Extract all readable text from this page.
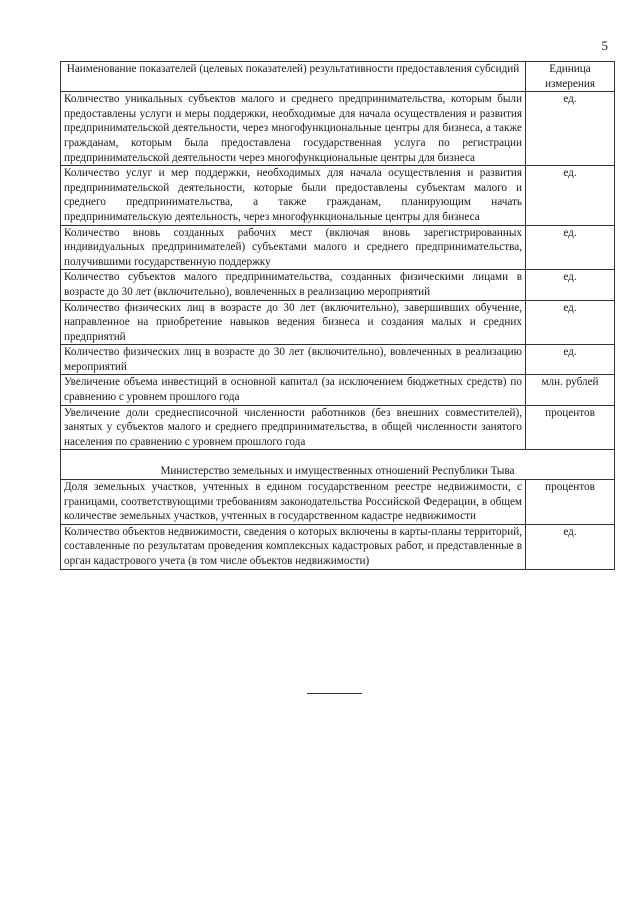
5
Наименование показателей (целевых показателей) результативности предоставления субсидий	Единица измерения
Количество уникальных субъектов малого и среднего предпринимательства, которым были предоставлены услуги и меры поддержки, необходимые для начала осуществления и развития предпринимательской деятельности, через многофункциональные центры для бизнеса, а также гражданам, которым была предоставлена государственная услуга по регистрации предпринимательской деятельности через многофункциональные центры для бизнеса	ед.
Количество услуг и мер поддержки, необходимых для начала осуществления и развития предпринимательской деятельности, которые были предоставлены субъектам малого и среднего предпринимательства, а также гражданам, планирующим начать предпринимательскую деятельность, через многофункциональные центры для бизнеса	ед.
Количество вновь созданных рабочих мест (включая вновь зарегистрированных индивидуальных предпринимателей) субъектами малого и среднего предпринимательства, получившими государственную поддержку	ед.
Количество субъектов малого предпринимательства, созданных физическими лицами в возрасте до 30 лет (включительно), вовлеченных в реализацию мероприятий	ед.
Количество физических лиц в возрасте до 30 лет (включительно), завершивших обучение, направленное на приобретение навыков ведения бизнеса и создания малых и средних предприятий	ед.
Количество физических лиц в возрасте до 30 лет (включительно), вовлеченных в реализацию мероприятий	ед.
Увеличение объема инвестиций в основной капитал (за исключением бюджетных средств) по сравнению с уровнем прошлого года	млн. рублей
Увеличение доли среднесписочной численности работников (без внешних совместителей), занятых у субъектов малого и среднего предпринимательства, в общей численности занятого населения по сравнению с уровнем прошлого года	процентов
Министерство земельных и имущественных отношений Республики Тыва	
Доля земельных участков, учтенных в едином государственном реестре недвижимости, с границами, соответствующими требованиям законодательства Российской Федерации, в общем количестве земельных участков, учтенных в государственном кадастре недвижимости	процентов
Количество объектов недвижимости, сведения о которых включены в карты-планы территорий, составленные по результатам проведения комплексных кадастровых работ, и представленные в орган кадастрового учета (в том числе объектов недвижимости)	ед.
